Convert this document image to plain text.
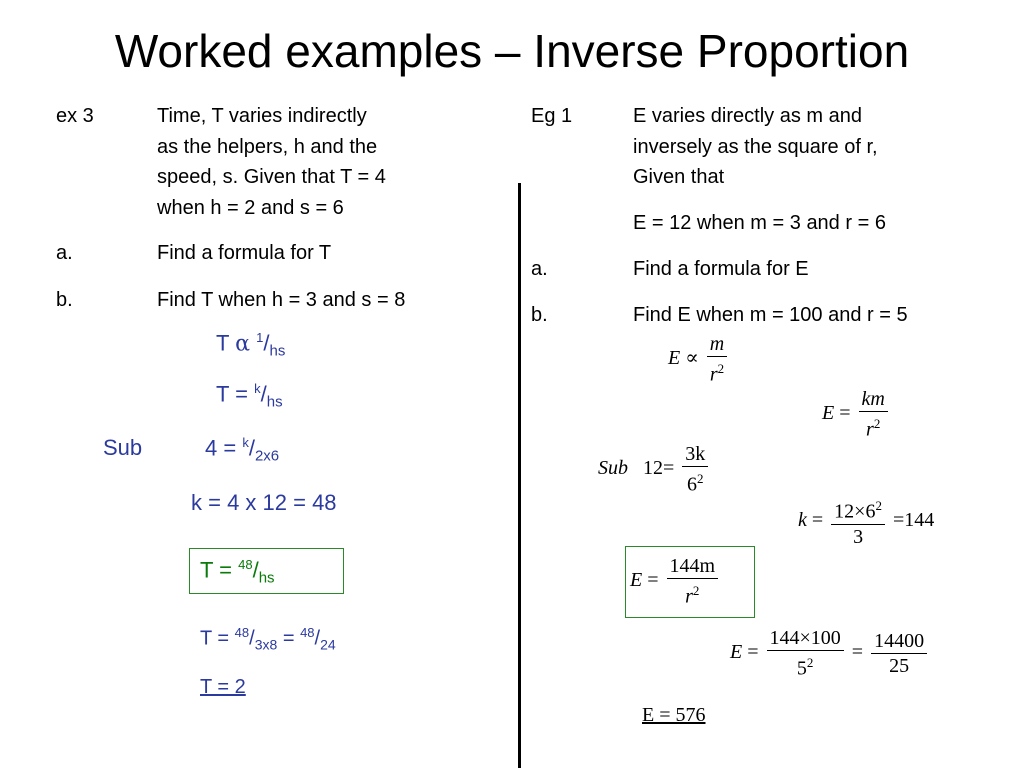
Worked examples – Inverse Proportion
ex 3	Time, T varies indirectly
as the helpers, h and the
speed, s. Given that T = 4
when h = 2 and s = 6
a.	Find a formula for T
b.	Find T when h = 3 and s = 8
T α $^1/_{hs}$
$T = ^k/_{hs}$
Sub	$4 = ^k/_{2x6}$
k = 4 x 12 = 48
$T = ^{48}/_{hs}$
$T = ^{48}/_{3x8} = ^{48}/_{24}$
T = 2
Eg 1	E varies directly as m and
inversely as the square of r,
Given that
E = 12 when m = 3 and r = 6
a.	Find a formula for E
b.	Find E when m = 100 and r = 5
$E \propto \frac{m}{r^2}$
$E = \frac{km}{r^2}$
Sub $12= \frac{3k}{6^2}$
$k = \frac{12\times 6^2}{3} =144$
$E = \frac{144m}{r^2}$
$E = \frac{144\times 100}{5^2} = \frac{14400}{25}$
E = 576
